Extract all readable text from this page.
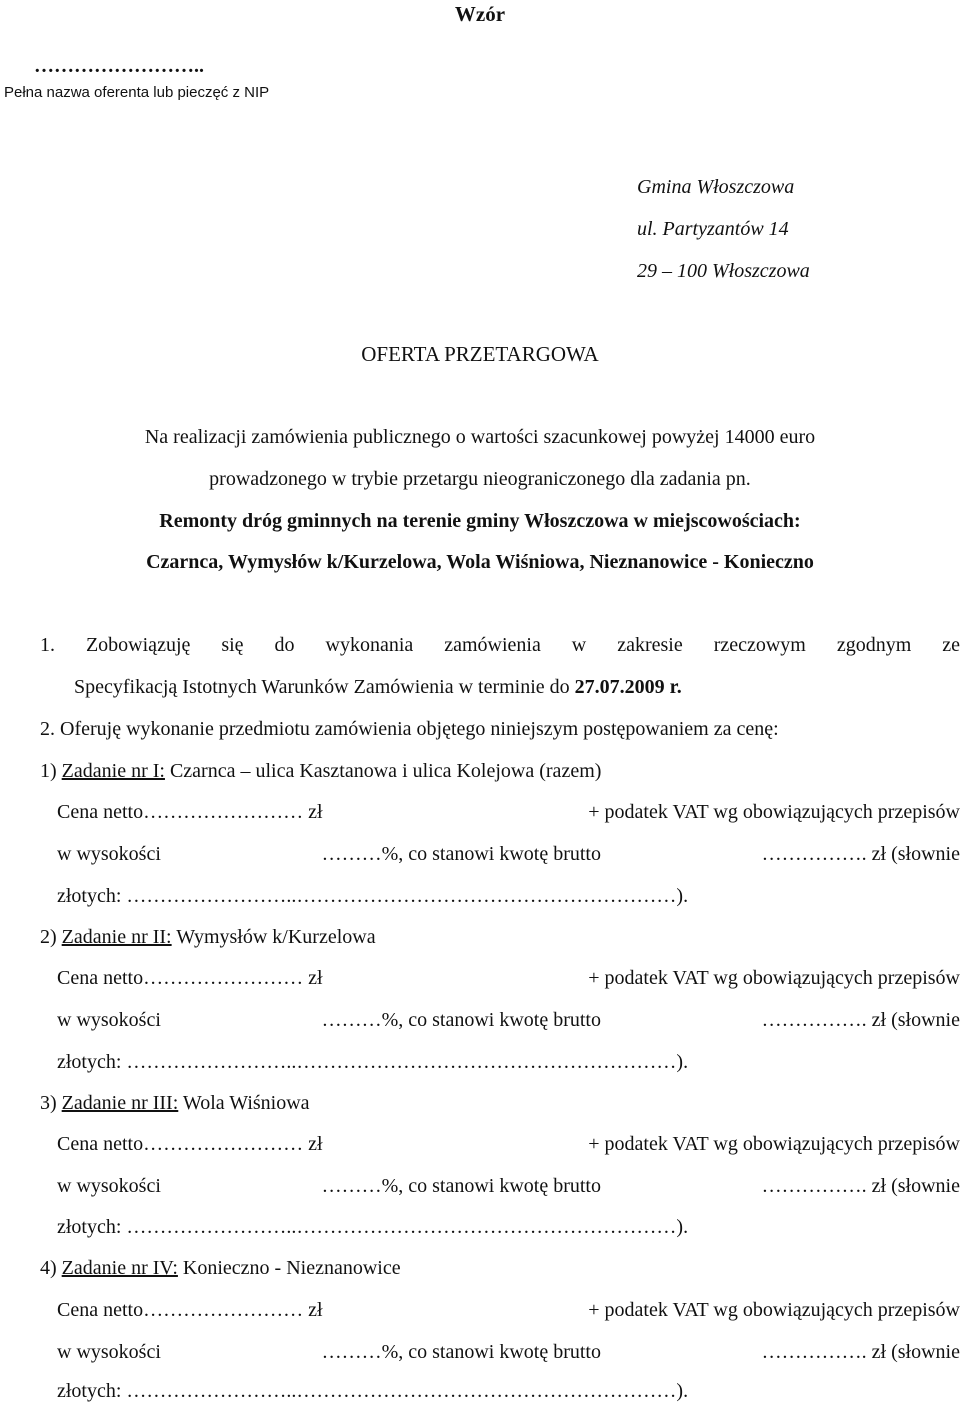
Wzór
……………………..
Pełna nazwa oferenta lub pieczęć z NIP
Gmina Włoszczowa
ul. Partyzantów 14
29 – 100 Włoszczowa
OFERTA PRZETARGOWA
Na realizacji zamówienia publicznego o wartości szacunkowej powyżej 14000 euro
prowadzonego w trybie przetargu nieograniczonego dla zadania pn.
Remonty dróg gminnych na terenie gminy Włoszczowa w miejscowościach:
Czarnca, Wymysłów k/Kurzelowa, Wola Wiśniowa, Nieznanowice - Konieczno
1. Zobowiązuję się do wykonania zamówienia w zakresie rzeczowym zgodnym ze
Specyfikacją Istotnych Warunków Zamówienia w terminie do 27.07.2009 r.
2. Oferuję wykonanie przedmiotu zamówienia objętego niniejszym postępowaniem za cenę:
1) Zadanie nr I: Czarnca – ulica Kasztanowa i ulica Kolejowa (razem)
Cena netto…………………… zł	+ podatek VAT wg obowiązujących przepisów
w wysokości	………%, co stanowi kwotę brutto	……………. zł (słownie
złotych: ……………………..…………………………………………………).
2) Zadanie nr II: Wymysłów k/Kurzelowa
Cena netto…………………… zł	+ podatek VAT wg obowiązujących przepisów
w wysokości	………%, co stanowi kwotę brutto	……………. zł (słownie
złotych: ……………………..…………………………………………………).
3) Zadanie nr III: Wola Wiśniowa
Cena netto…………………… zł	+ podatek VAT wg obowiązujących przepisów
w wysokości	………%, co stanowi kwotę brutto	……………. zł (słownie
złotych: ……………………..…………………………………………………).
4) Zadanie nr IV: Konieczno - Nieznanowice
Cena netto…………………… zł	+ podatek VAT wg obowiązujących przepisów
w wysokości	………%, co stanowi kwotę brutto	……………. zł (słownie
złotych: ……………………..…………………………………………………).
